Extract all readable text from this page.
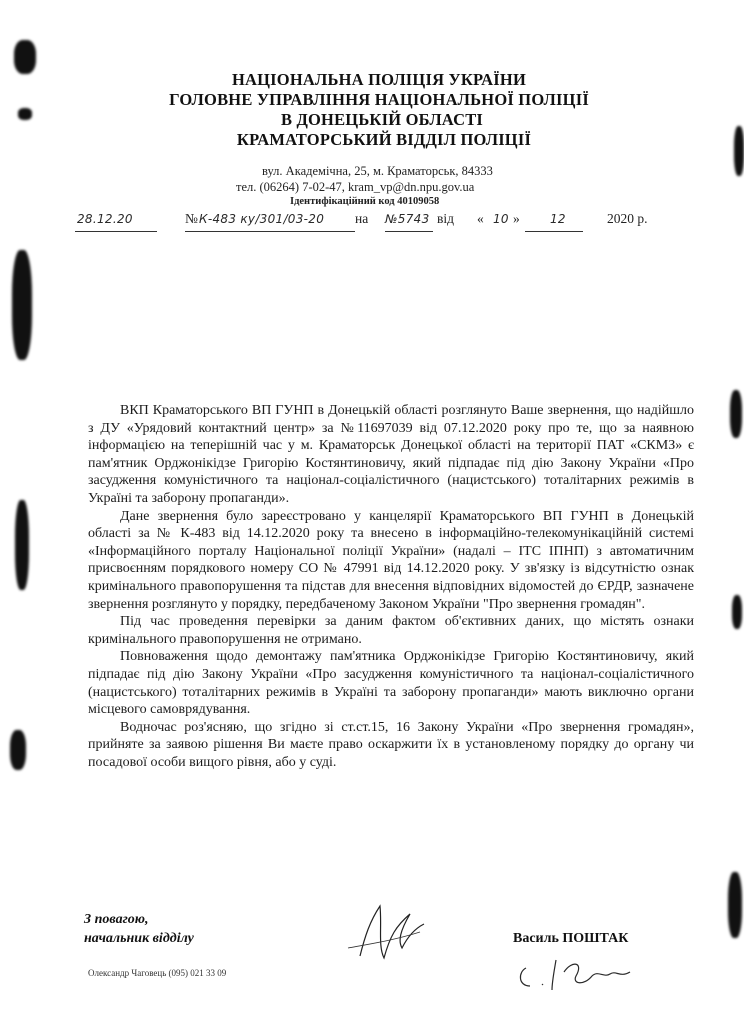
НАЦІОНАЛЬНА ПОЛІЦІЯ УКРАЇНИ
ГОЛОВНЕ УПРАВЛІННЯ НАЦІОНАЛЬНОЇ ПОЛІЦІЇ
В ДОНЕЦЬКІЙ ОБЛАСТІ
КРАМАТОРСЬКИЙ ВІДДІЛ ПОЛІЦІЇ
вул. Академічна, 25, м. Краматорськ, 84333
тел. (06264) 7-02-47, kram_vp@dn.npu.gov.ua
Ідентифікаційний код 40109058
28.12.20	№ К-483 ку/301/03-20 на №5743 від « 10 »	12	2020 р.

ВКП Краматорського ВП ГУНП в Донецькій області розглянуто Ваше звернення, що надійшло з ДУ «Урядовий контактний центр» за №11697039 від 07.12.2020 року про те, що за наявною інформацією на теперішній час у м. Краматорськ Донецької області на території ПАТ «СКМЗ» є пам'ятник Орджонікідзе Григорію Костянтиновичу, який підпадає під дію Закону України «Про засудження комуністичного та націонал-соціалістичного (нацистського) тоталітарних режимів в Україні та заборону пропаганди».

Дане звернення було зареєстровано у канцелярії Краматорського ВП ГУНП в Донецькій області за № К-483 від 14.12.2020 року та внесено в інформаційно-телекомунікаційній системі «Інформаційного порталу Національної поліції України» (надалі – ІТС ІПНП) з автоматичним присвоєнням порядкового номеру СО № 47991 від 14.12.2020 року. У зв'язку із відсутністю ознак кримінального правопорушення та підстав для внесення відповідних відомостей до ЄРДР, зазначене звернення розглянуто у порядку, передбаченому Законом України "Про звернення громадян".

Під час проведення перевірки за даним фактом об'єктивних даних, що містять ознаки кримінального правопорушення не отримано.

Повноваження щодо демонтажу пам'ятника Орджонікідзе Григорію Костянтиновичу, який підпадає під дію Закону України «Про засудження комуністичного та націонал-соціалістичного (нацистського) тоталітарних режимів в Україні та заборону пропаганди» мають виключно органи місцевого самоврядування.

Водночас роз'ясняю, що згідно зі ст.ст.15, 16 Закону України «Про звернення громадян», прийняте за заявою рішення Ви маєте право оскаржити їх в установленому порядку до органу чи посадової особи вищого рівня, або у суді.

З повагою,
начальник відділу	Василь ПОШТАК
Олександр Чаговець (095) 021 33 09
